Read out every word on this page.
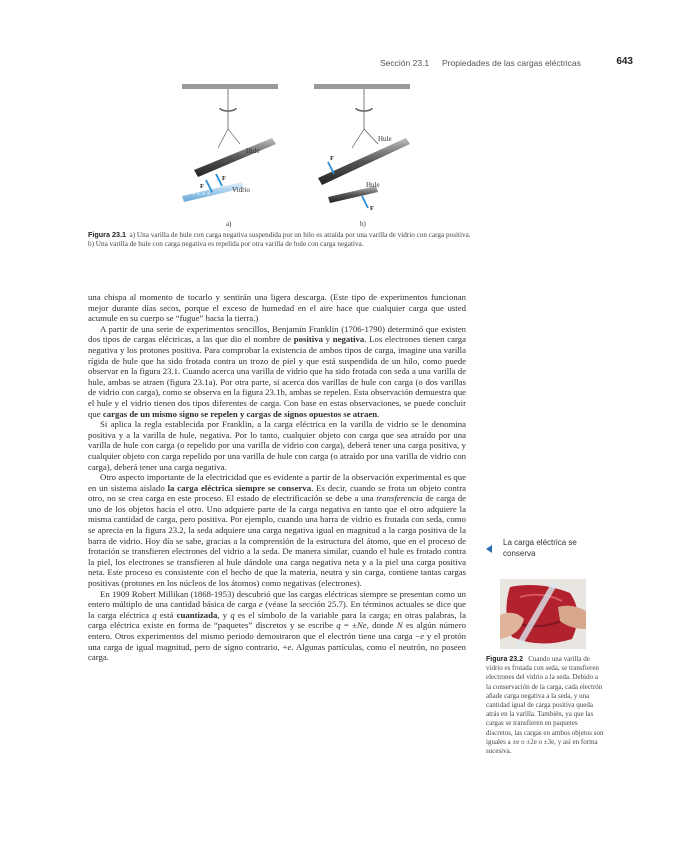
Sección 23.1 Propiedades de las cargas eléctricas	643
Hule
+ + + +
Vidrio
F
F
a)
Hule
Hule
F
F
b)
Figura 23.1 a) Una varilla de hule con carga negativa suspendida por un hilo es atraída por una varilla de vidrio con carga positiva. b) Una varilla de hule con carga negativa es repelida por otra varilla de hule con carga negativa.

una chispa al momento de tocarlo y sentirán una ligera descarga. (Este tipo de experimentos funcionan mejor durante días secos, porque el exceso de humedad en el aire hace que cualquier carga que usted acumule en su cuerpo se “fugue” hacia la tierra.)

A partir de una serie de experimentos sencillos, Benjamín Franklin (1706-1790) determinó que existen dos tipos de cargas eléctricas, a las que dio el nombre de positiva y negativa. Los electrones tienen carga negativa y los protones positiva. Para comprobar la existencia de ambos tipos de carga, imagine una varilla rígida de hule que ha sido frotada contra un trozo de piel y que está suspendida de un hilo, como puede observar en la figura 23.1. Cuando acerca una varilla de vidrio que ha sido frotada con seda a una varilla de hule, ambas se atraen (figura 23.1a). Por otra parte, si acerca dos varillas de hule con carga (o dos varillas de vidrio con carga), como se observa en la figura 23.1b, ambas se repelen. Esta observación demuestra que el hule y el vidrio tienen dos tipos diferentes de carga. Con base en estas observaciones, se puede concluir que cargas de un mismo signo se repelen y cargas de signos opuestos se atraen.

Si aplica la regla establecida por Franklin, a la carga eléctrica en la varilla de vidrio se le denomina positiva y a la varilla de hule, negativa. Por lo tanto, cualquier objeto con carga que sea atraído por una varilla de hule con carga (o repelido por una varilla de vidrio con carga), deberá tener una carga positiva, y cualquier objeto con carga repelido por una varilla de hule con carga (o atraído por una varilla de vidrio con carga), deberá tener una carga negativa.

Otro aspecto importante de la electricidad que es evidente a partir de la observación experimental es que en un sistema aislado la carga eléctrica siempre se conserva. Es decir, cuando se frota un objeto contra otro, no se crea carga en este proceso. El estado de electrificación se debe a una transferencia de carga de uno de los objetos hacia el otro. Uno adquiere parte de la carga negativa en tanto que el otro adquiere la misma cantidad de carga, pero positiva. Por ejemplo, cuando una barra de vidrio es frotada con seda, como se aprecia en la figura 23.2, la seda adquiere una carga negativa igual en magnitud a la carga positiva de la barra de vidrio. Hoy día se sabe, gracias a la comprensión de la estructura del átomo, que en el proceso de frotación se transfieren electrones del vidrio a la seda. De manera similar, cuando el hule es frotado contra la piel, los electrones se transfieren al hule dándole una carga negativa neta y a la piel una carga positiva neta. Este proceso es consistente con el hecho de que la materia, neutra y sin carga, contiene tantas cargas positivas (protones en los núcleos de los átomos) como negativas (electrones).

En 1909 Robert Millikan (1868-1953) descubrió que las cargas eléctricas siempre se presentan como un entero múltiplo de una cantidad básica de carga e (véase la sección 25.7). En términos actuales se dice que la carga eléctrica q está cuantizada, y q es el símbolo de la variable para la carga; en otras palabras, la carga eléctrica existe en forma de “paquetes” discretos y se escribe q = ±Ne, donde N es algún número entero. Otros experimentos del mismo periodo demostraron que el electrón tiene una carga −e y el protón una carga de igual magnitud, pero de signo contrario, +e. Algunas partículas, como el neutrón, no poseen carga.

La carga eléctrica se conserva
Figura 23.2 Cuando una varilla de vidrio es frotada con seda, se transfieren electrones del vidrio a la seda. Debido a la conservación de la carga, cada electrón añade carga negativa a la seda, y una cantidad igual de carga positiva queda atrás en la varilla. También, ya que las cargas se transfieren en paquetes discretos, las cargas en ambos objetos son iguales a ±e o ±2e o ±3e, y así en forma sucesiva.
